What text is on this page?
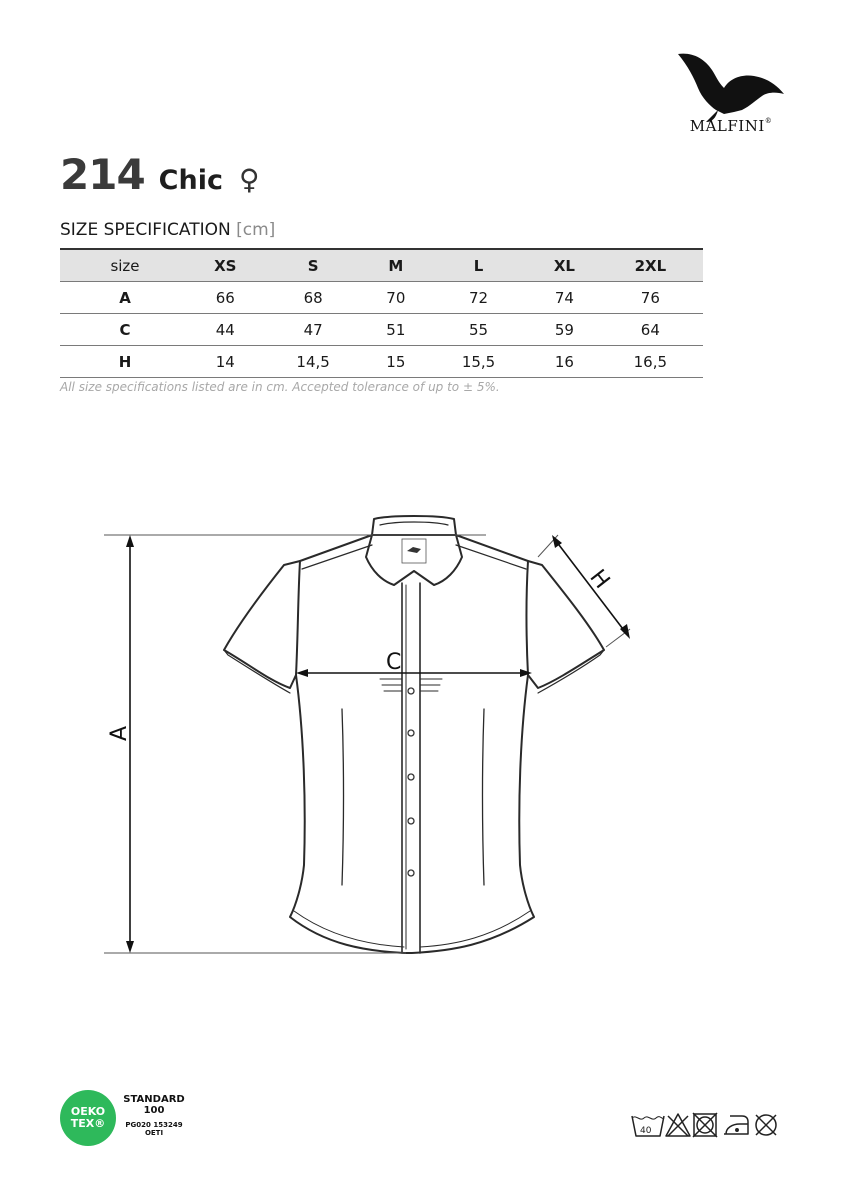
MALFINI®
214 Chic ♀
SIZE SPECIFICATION [cm]
size	XS	S	M	L	XL	2XL
A	66	68	70	72	74	76
C	44	47	51	55	59	64
H	14	14,5	15	15,5	16	16,5
All size specifications listed are in cm. Accepted tolerance of up to ± 5%.
A
C
H
OEKO
TEX®
STANDARD
100
PG020 153249
OETI	40
